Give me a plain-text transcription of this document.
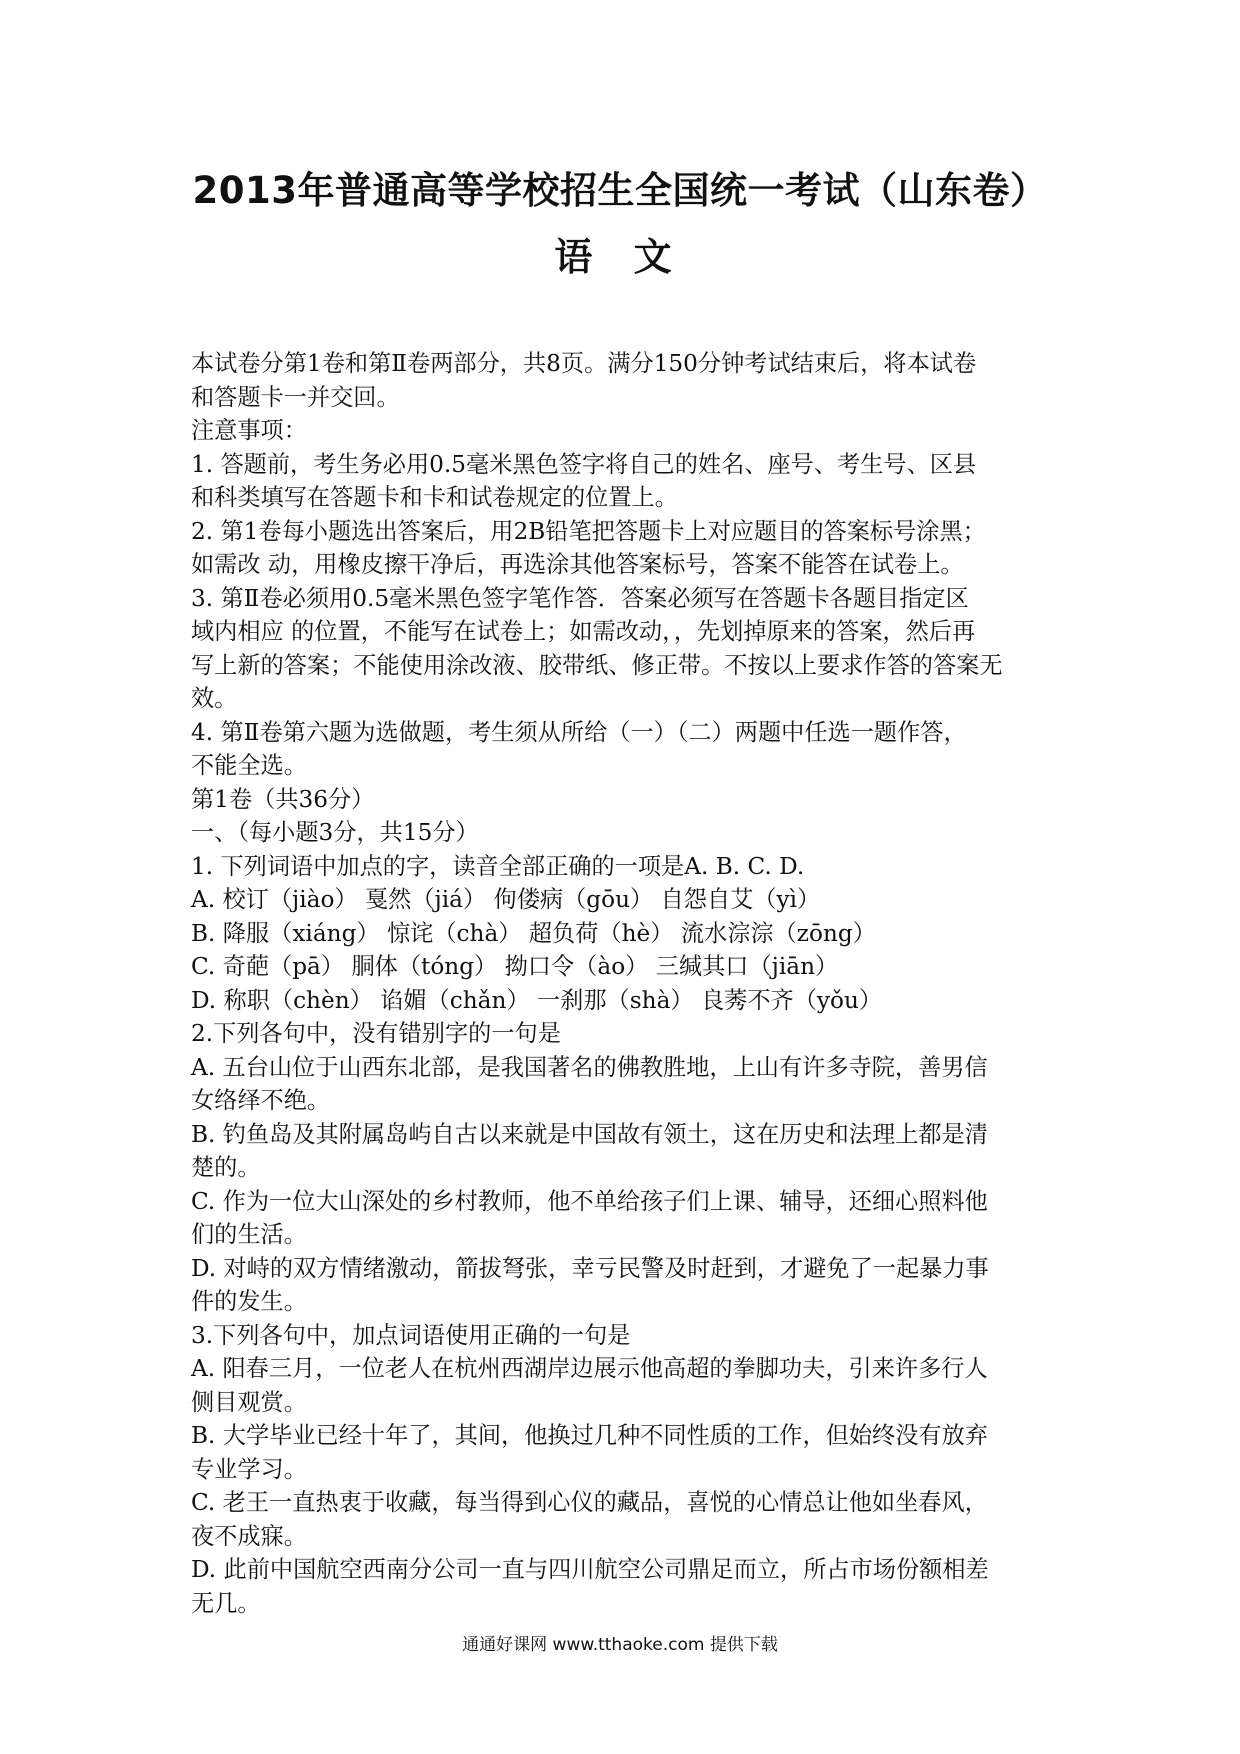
2013年普通高等学校招生全国统一考试（山东卷）
语 文
本试卷分第1卷和第Ⅱ卷两部分，共8页。满分150分钟考试结束后，将本试卷
和答题卡一并交回。
注意事项：
1. 答题前，考生务必用0.5毫米黑色签字将自己的姓名、座号、考生号、区县
和科类填写在答题卡和卡和试卷规定的位置上。
2. 第1卷每小题选出答案后，用2B铅笔把答题卡上对应题目的答案标号涂黑；
如需改 动，用橡皮擦干净后，再选涂其他答案标号，答案不能答在试卷上。
3. 第Ⅱ卷必须用0.5毫米黑色签字笔作答．答案必须写在答题卡各题目指定区
域内相应 的位置，不能写在试卷上；如需改动，，先划掉原来的答案，然后再
写上新的答案；不能使用涂改液、胶带纸、修正带。不按以上要求作答的答案无
效。
4. 第Ⅱ卷第六题为选做题，考生须从所给（一）（二）两题中任选一题作答，
不能全选。
第1卷（共36分）
一、（每小题3分，共15分）
1. 下列词语中加点的字，读音全部正确的一项是A. B. C. D.
A. 校订（jiào） 戛然（jiá） 佝偻病（gōu） 自怨自艾（yì）
B. 降服（xiáng） 惊诧（chà） 超负荷（hè） 流水淙淙（zōng）
C. 奇葩（pā） 胴体（tóng） 拗口令（ào） 三缄其口（jiān）
D. 称职（chèn） 谄媚（chǎn） 一刹那（shà） 良莠不齐（yǒu）
2.下列各句中，没有错别字的一句是
A. 五台山位于山西东北部，是我国著名的佛教胜地，上山有许多寺院，善男信
女络绎不绝。
B. 钓鱼岛及其附属岛屿自古以来就是中国故有领土，这在历史和法理上都是清
楚的。
C. 作为一位大山深处的乡村教师，他不单给孩子们上课、辅导，还细心照料他
们的生活。
D. 对峙的双方情绪激动，箭拔弩张，幸亏民警及时赶到，才避免了一起暴力事
件的发生。
3.下列各句中，加点词语使用正确的一句是
A. 阳春三月，一位老人在杭州西湖岸边展示他高超的拳脚功夫，引来许多行人
侧目观赏。
B. 大学毕业已经十年了，其间，他换过几种不同性质的工作，但始终没有放弃
专业学习。
C. 老王一直热衷于收藏，每当得到心仪的藏品，喜悦的心情总让他如坐春风，
夜不成寐。
D. 此前中国航空西南分公司一直与四川航空公司鼎足而立，所占市场份额相差
无几。
通通好课网 www.tthaoke.com 提供下载
